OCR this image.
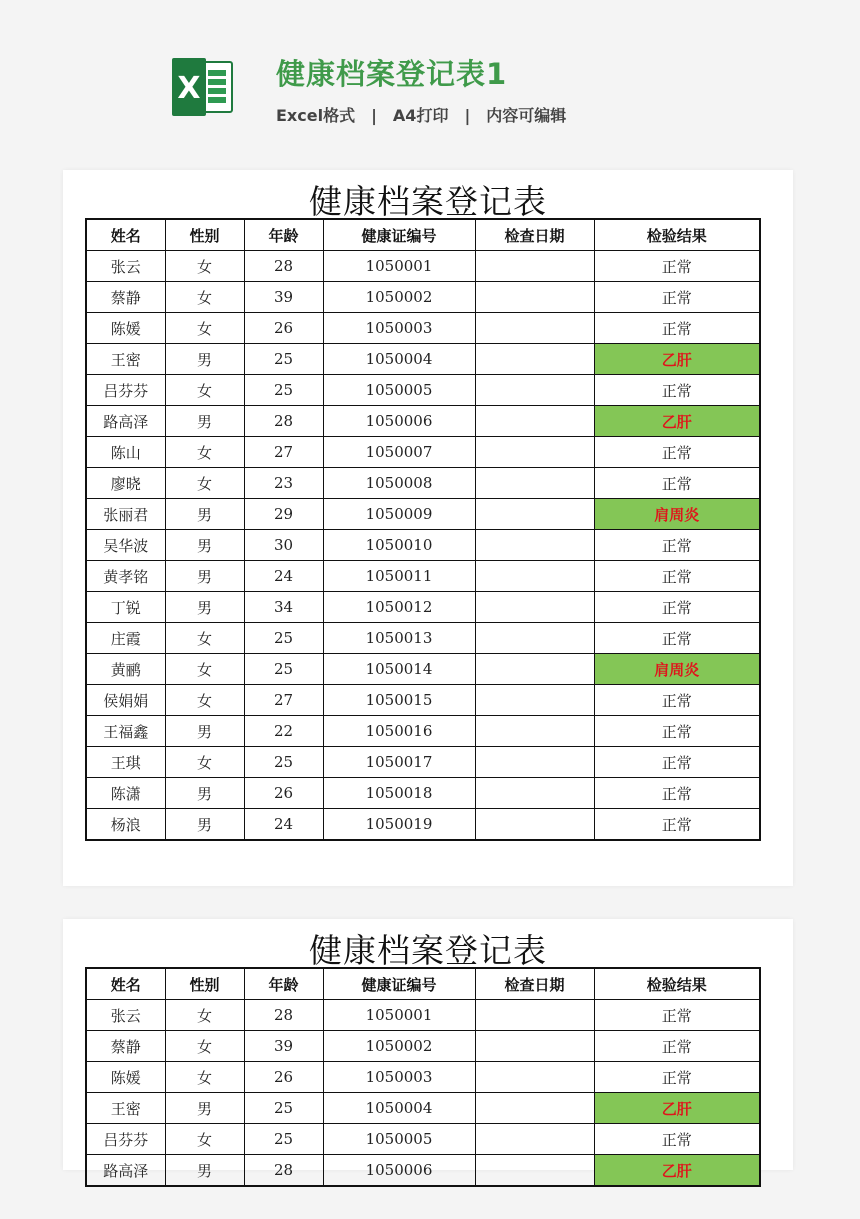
X	健康档案登记表1
Excel格式 | A4打印 | 内容可编辑
健康档案登记表
姓名	性别	年龄	健康证编号	检查日期	检验结果
张云	女	28	1050001		正常
蔡静	女	39	1050002		正常
陈媛	女	26	1050003		正常
王密	男	25	1050004		乙肝
吕芬芬	女	25	1050005		正常
路高泽	男	28	1050006		乙肝
陈山	女	27	1050007		正常
廖晓	女	23	1050008		正常
张丽君	男	29	1050009		肩周炎
吴华波	男	30	1050010		正常
黄孝铭	男	24	1050011		正常
丁锐	男	34	1050012		正常
庄霞	女	25	1050013		正常
黄鹂	女	25	1050014		肩周炎
侯娟娟	女	27	1050015		正常
王福鑫	男	22	1050016		正常
王琪	女	25	1050017		正常
陈潇	男	26	1050018		正常
杨浪	男	24	1050019		正常
健康档案登记表
姓名	性别	年龄	健康证编号	检查日期	检验结果
张云	女	28	1050001		正常
蔡静	女	39	1050002		正常
陈媛	女	26	1050003		正常
王密	男	25	1050004		乙肝
吕芬芬	女	25	1050005		正常
路高泽	男	28	1050006		乙肝
